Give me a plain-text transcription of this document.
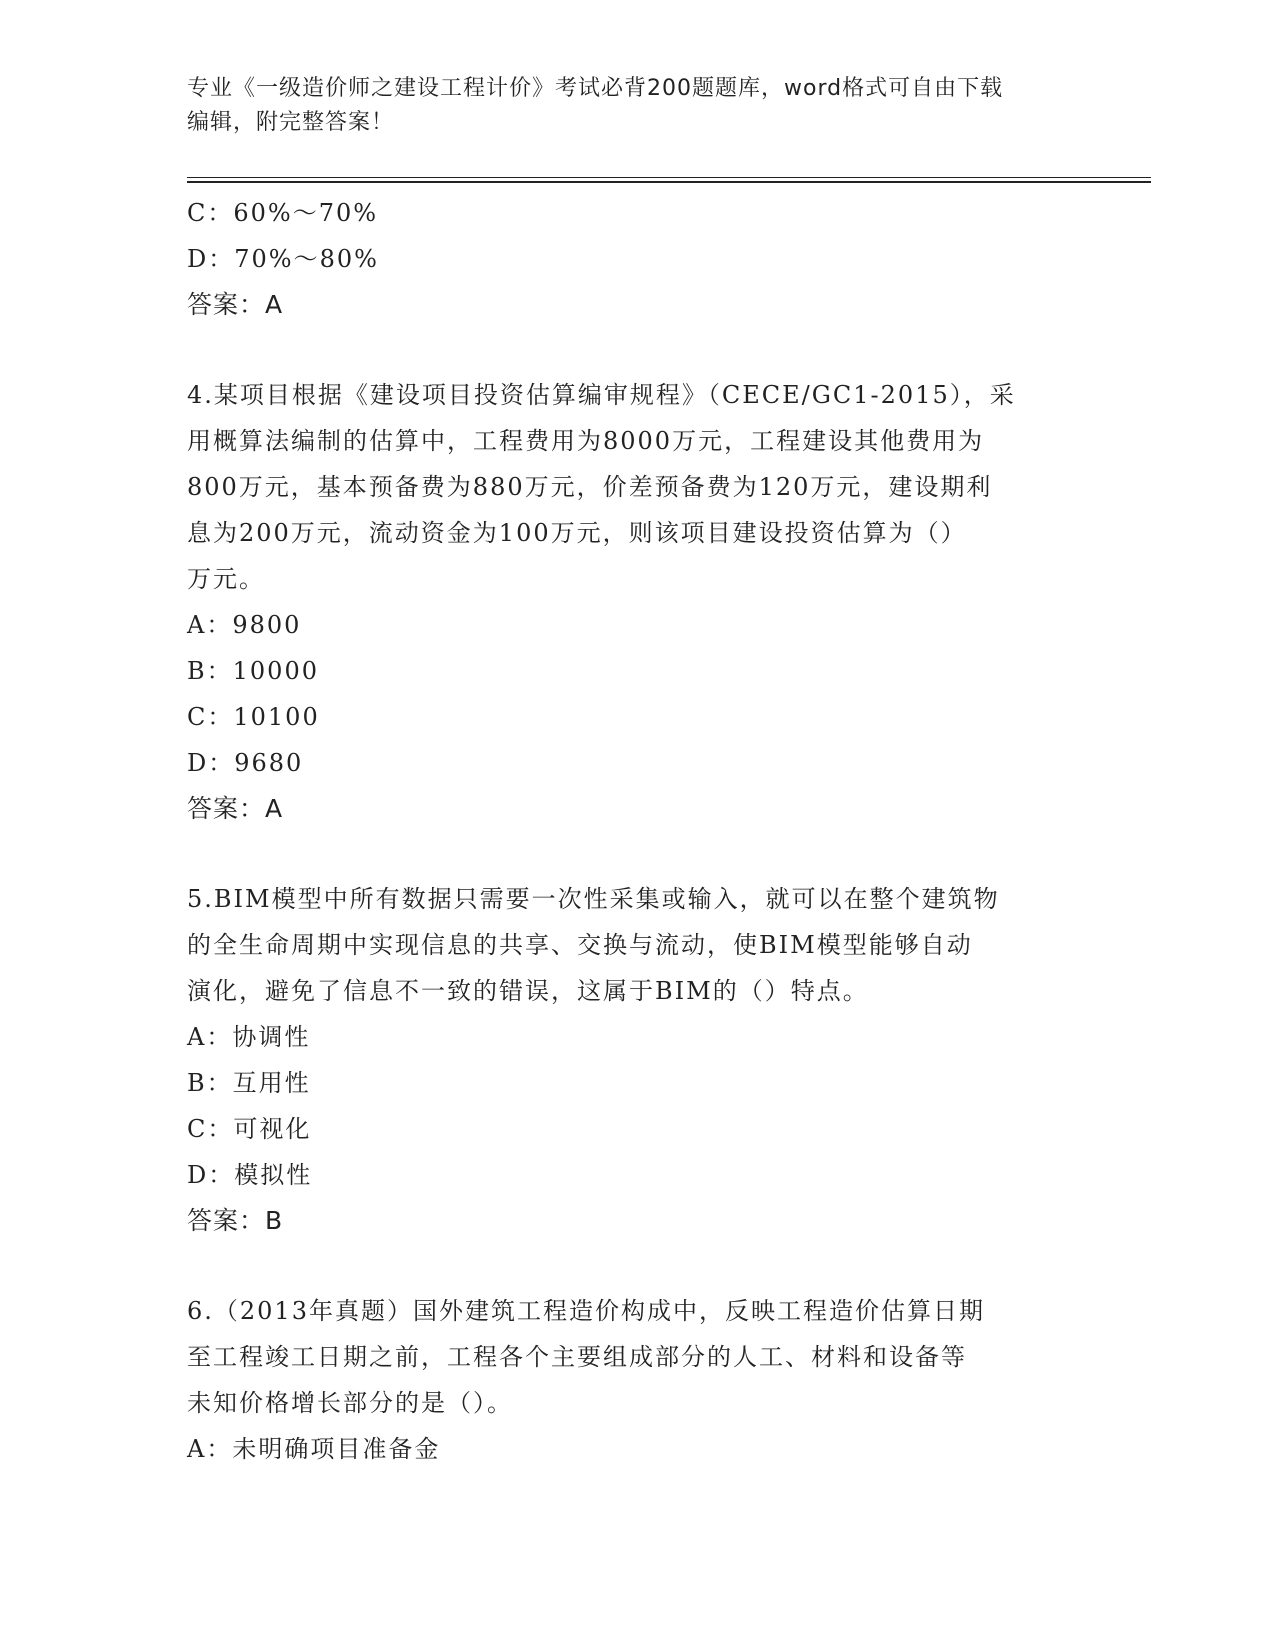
专业《一级造价师之建设工程计价》考试必背200题题库，word格式可自由下载
编辑，附完整答案！
C：60%～70%
D：70%～80%
答案：A
4.某项目根据《建设项目投资估算编审规程》（CECE/GC1-2015），采
用概算法编制的估算中，工程费用为8000万元，工程建设其他费用为
800万元，基本预备费为880万元，价差预备费为120万元，建设期利
息为200万元，流动资金为100万元，则该项目建设投资估算为（）
万元。
A：9800
B：10000
C：10100
D：9680
答案：A
5.BIM模型中所有数据只需要一次性采集或输入，就可以在整个建筑物
的全生命周期中实现信息的共享、交换与流动，使BIM模型能够自动
演化，避免了信息不一致的错误，这属于BIM的（）特点。
A：协调性
B：互用性
C：可视化
D：模拟性
答案：B
6.（2013年真题）国外建筑工程造价构成中，反映工程造价估算日期
至工程竣工日期之前，工程各个主要组成部分的人工、材料和设备等
未知价格增长部分的是（）。
A：未明确项目准备金
